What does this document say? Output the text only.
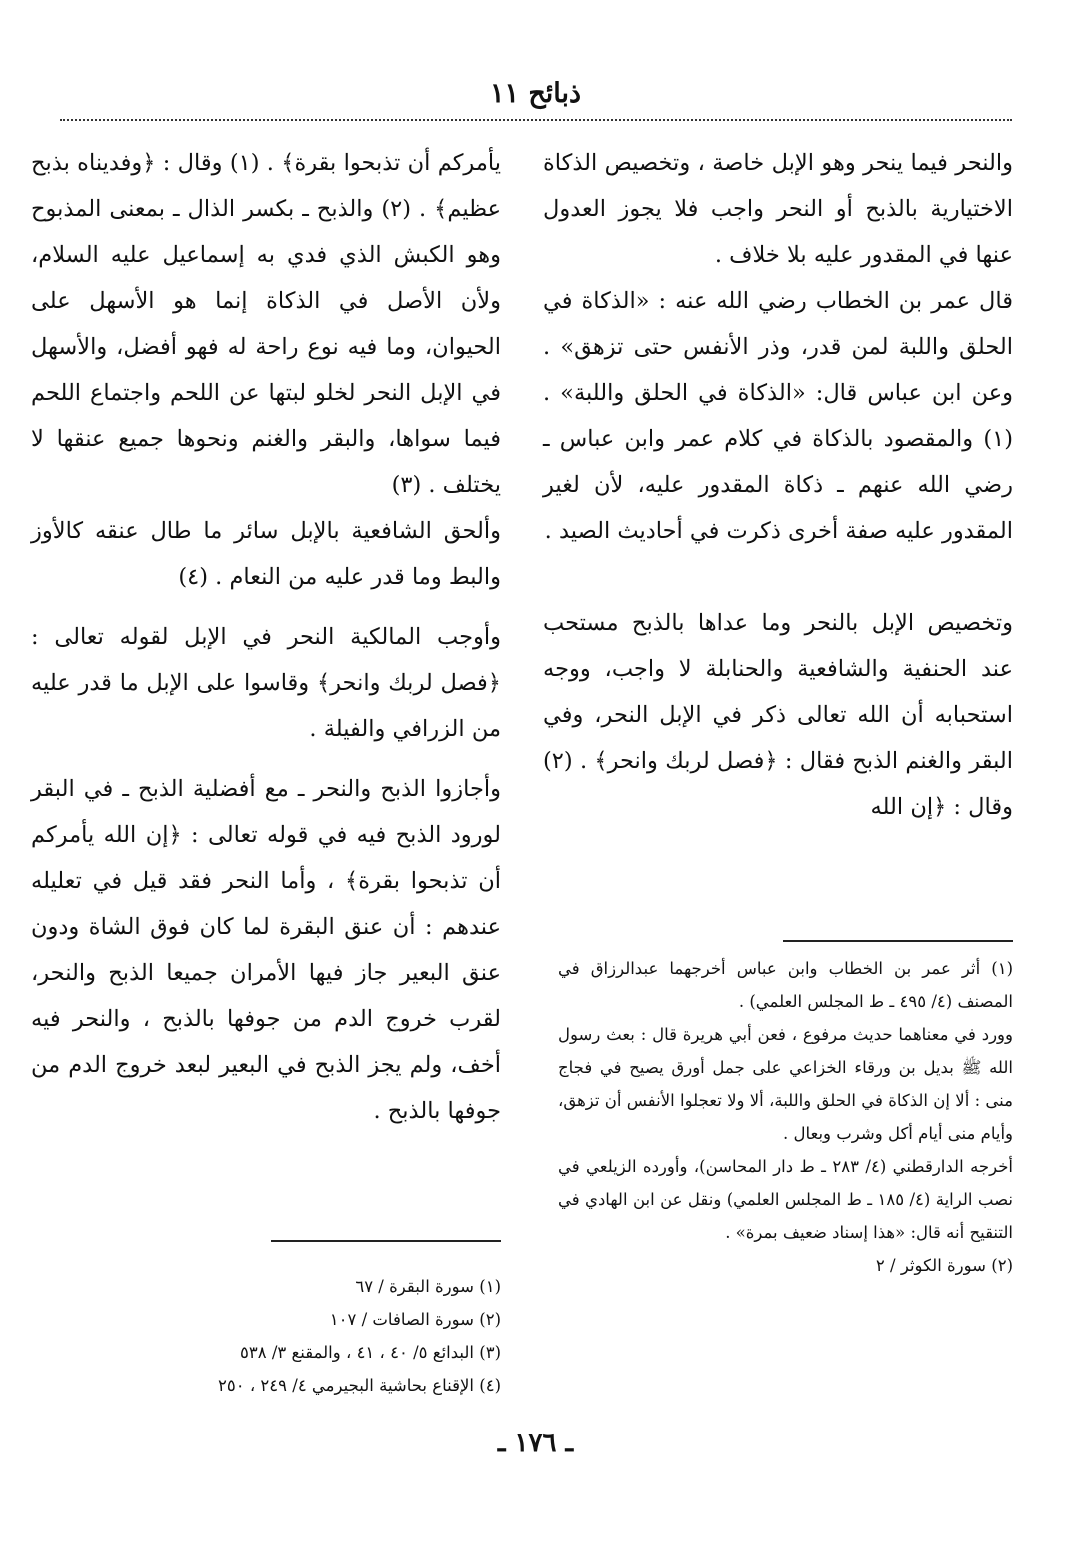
ذبائح ١١

والنحر فيما ينحر وهو الإبل خاصة ، وتخصيص الذكاة الاختيارية بالذبح أو النحر واجب فلا يجوز العدول عنها في المقدور عليه بلا خلاف .

قال عمر بن الخطاب رضي الله عنه : «الذكاة في الحلق واللبة لمن قدر، وذر الأنفس حتى تزهق» . وعن ابن عباس قال: «الذكاة في الحلق واللبة» . (١) والمقصود بالذكاة في كلام عمر وابن عباس ـ رضي الله عنهم ـ ذكاة المقدور عليه، لأن لغير المقدور عليه صفة أخرى ذكرت في أحاديث الصيد .

وتخصيص الإبل بالنحر وما عداها بالذبح مستحب عند الحنفية والشافعية والحنابلة لا واجب، ووجه استحبابه أن الله تعالى ذكر في الإبل النحر، وفي البقر والغنم الذبح فقال : ﴿فصل لربك وانحر﴾ . (٢) وقال : ﴿إن الله

يأمركم أن تذبحوا بقرة﴾ . (١) وقال : ﴿وفديناه بذبح عظيم﴾ . (٢) والذبح ـ بكسر الذال ـ بمعنى المذبوح وهو الكبش الذي فدي به إسماعيل عليه السلام، ولأن الأصل في الذكاة إنما هو الأسهل على الحيوان، وما فيه نوع راحة له فهو أفضل، والأسهل في الإبل النحر لخلو لبتها عن اللحم واجتماع اللحم فيما سواها، والبقر والغنم ونحوها جميع عنقها لا يختلف . (٣)

وألحق الشافعية بالإبل سائر ما طال عنقه كالأوز والبط وما قدر عليه من النعام . (٤)

وأوجب المالكية النحر في الإبل لقوله تعالى : ﴿فصل لربك وانحر﴾ وقاسوا على الإبل ما قدر عليه من الزرافي والفيلة .

وأجازوا الذبح والنحر ـ مع أفضلية الذبح ـ في البقر لورود الذبح فيه في قوله تعالى : ﴿إن الله يأمركم أن تذبحوا بقرة﴾ ، وأما النحر فقد قيل في تعليله عندهم : أن عنق البقرة لما كان فوق الشاة ودون عنق البعير جاز فيها الأمران جميعا الذبح والنحر، لقرب خروج الدم من جوفها بالذبح ، والنحر فيه أخف، ولم يجز الذبح في البعير لبعد خروج الدم من جوفها بالذبح .

(١) أثر عمر بن الخطاب وابن عباس أخرجهما عبدالرزاق في المصنف (٤/ ٤٩٥ ـ ط المجلس العلمي) .

وورد في معناهما حديث مرفوع ، فعن أبي هريرة قال : بعث رسول الله ﷺ بديل بن ورقاء الخزاعي على جمل أورق يصيح في فجاج منى : ألا إن الذكاة في الحلق واللبة، ألا ولا تعجلوا الأنفس أن تزهق، وأيام منى أيام أكل وشرب وبعال .

أخرجه الدارقطني (٤/ ٢٨٣ ـ ط دار المحاسن)، وأورده الزيلعي في نصب الراية (٤/ ١٨٥ ـ ط المجلس العلمي) ونقل عن ابن الهادي في التنقيح أنه قال: «هذا إسناد ضعيف بمرة» .

(٢) سورة الكوثر / ٢

(١) سورة البقرة / ٦٧

(٢) سورة الصافات / ١٠٧

(٣) البدائع ٥/ ٤٠ ، ٤١ ، والمقنع ٣/ ٥٣٨

(٤) الإقناع بحاشية البجيرمي ٤/ ٢٤٩ ، ٢٥٠

ـ ١٧٦ ـ
